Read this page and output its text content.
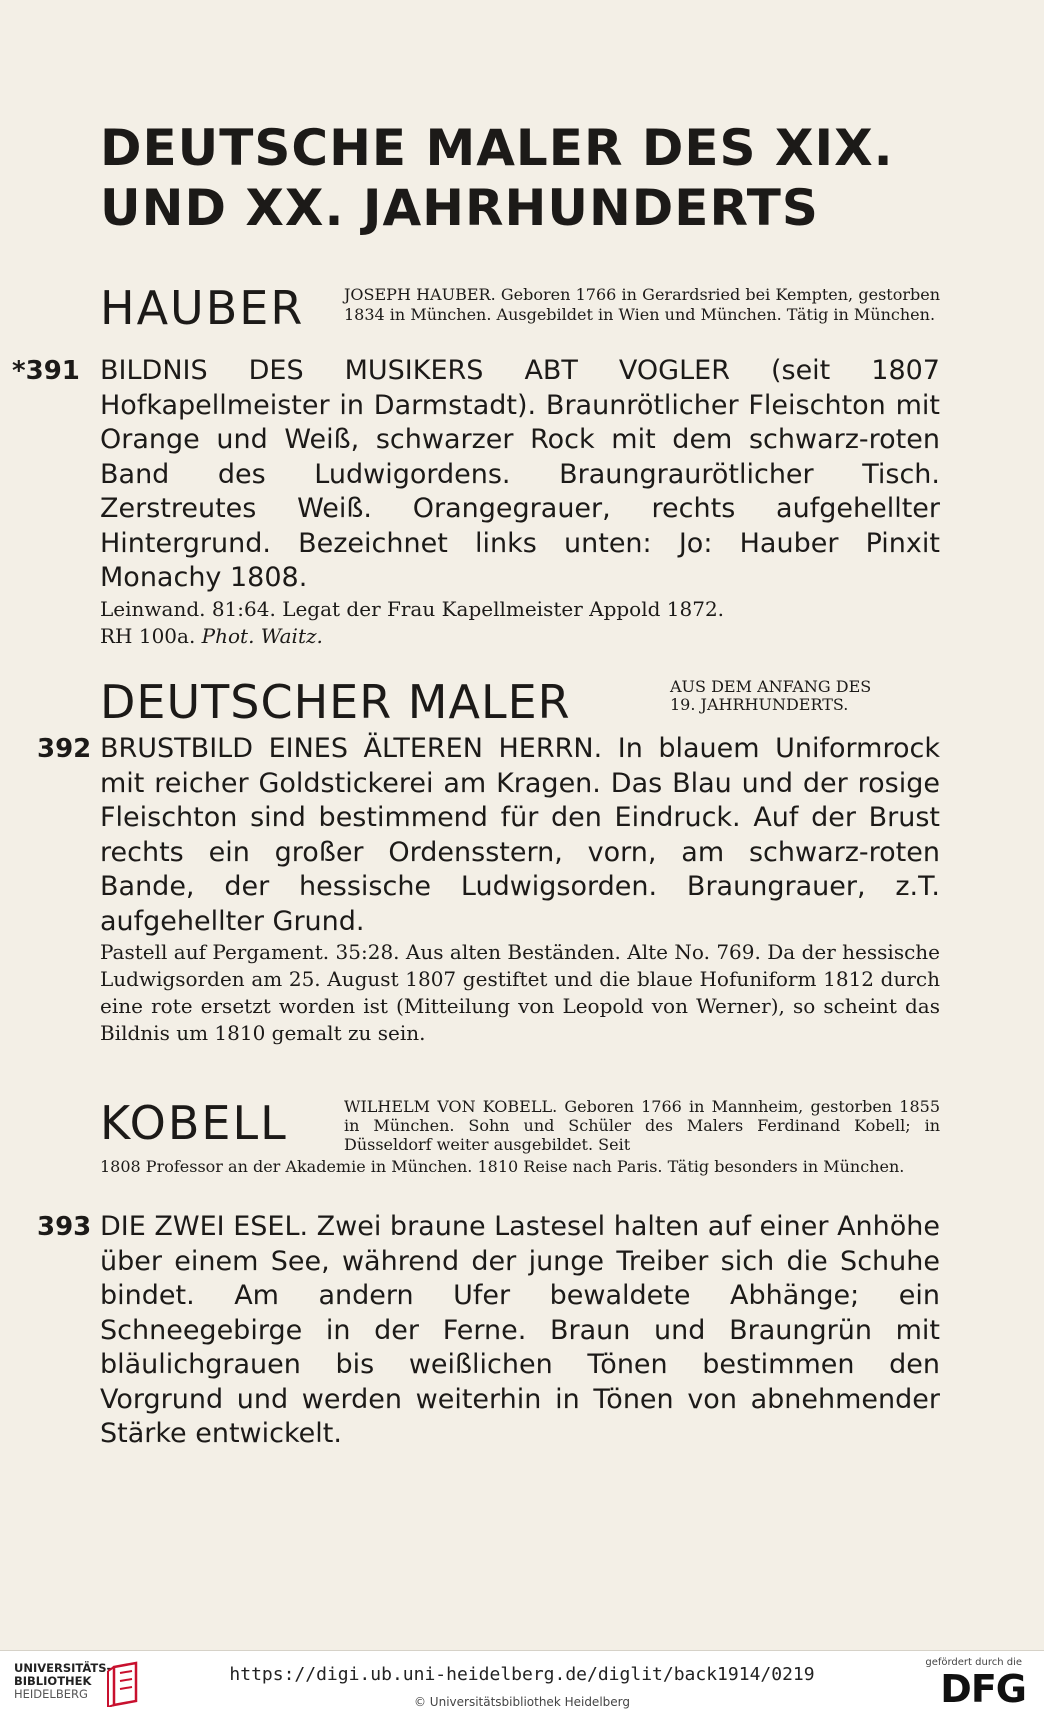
DEUTSCHE MALER DES XIX.
UND XX. JAHRHUNDERTS
HAUBER JOSEPH HAUBER. Geboren 1766 in Gerardsried bei Kempten, gestorben 1834 in München. Ausgebildet in Wien und München. Tätig in München.
*391 BILDNIS DES MUSIKERS ABT VOGLER (seit 1807 Hofkapellmeister in Darmstadt). Braunrötlicher Fleischton mit Orange und Weiß, schwarzer Rock mit dem schwarz-roten Band des Ludwigordens. Braungraurötlicher Tisch. Zerstreutes Weiß. Orangegrauer, rechts aufgehellter Hintergrund. Bezeichnet links unten: Jo: Hauber Pinxit Monachy 1808.

Leinwand. 81:64. Legat der Frau Kapellmeister Appold 1872.

RH 100a. Phot. Waitz.

DEUTSCHER MALER	AUS DEM ANFANG DES
19. JAHRHUNDERTS.
392 BRUSTBILD EINES ÄLTEREN HERRN. In blauem Uniformrock mit reicher Goldstickerei am Kragen. Das Blau und der rosige Fleischton sind bestimmend für den Eindruck. Auf der Brust rechts ein großer Ordensstern, vorn, am schwarz-roten Bande, der hessische Ludwigsorden. Braungrauer, z.T. aufgehellter Grund.

Pastell auf Pergament. 35:28. Aus alten Beständen. Alte No. 769. Da der hessische Ludwigsorden am 25. August 1807 gestiftet und die blaue Hofuniform 1812 durch eine rote ersetzt worden ist (Mitteilung von Leopold von Werner), so scheint das Bildnis um 1810 gemalt zu sein.

KOBELL	WILHELM VON KOBELL. Geboren 1766 in Mannheim, gestorben 1855 in München. Sohn und Schüler des Malers Ferdinand Kobell; in Düsseldorf weiter ausgebildet. Seit
1808 Professor an der Akademie in München. 1810 Reise nach Paris. Tätig besonders in München.
393 DIE ZWEI ESEL. Zwei braune Lastesel halten auf einer Anhöhe über einem See, während der junge Treiber sich die Schuhe bindet. Am andern Ufer bewaldete Abhänge; ein Schneegebirge in der Ferne. Braun und Braungrün mit bläulichgrauen bis weißlichen Tönen bestimmen den Vorgrund und werden weiterhin in Tönen von abnehmender Stärke entwickelt.

UNIVERSITÄTS-
BIBLIOTHEK
HEIDELBERG
https://digi.ub.uni-heidelberg.de/diglit/back1914/0219
© Universitätsbibliothek Heidelberg
gefördert durch die
DFG
